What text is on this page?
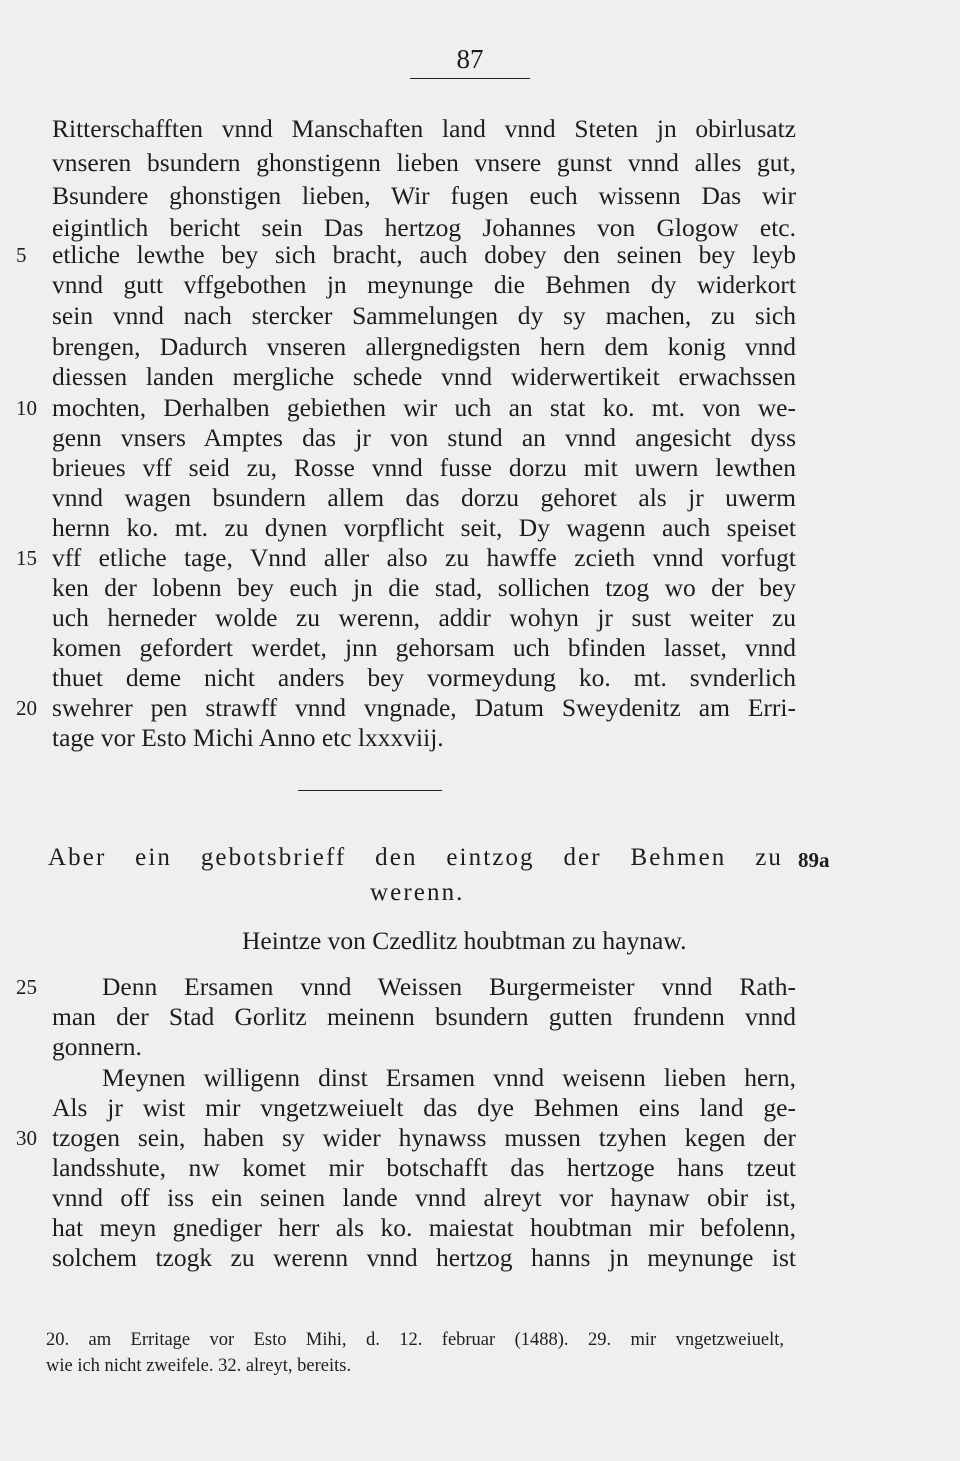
87
Ritterschafften vnnd Manschaften land vnnd Steten jn obirlusatz
vnseren bsundern ghonstigenn lieben vnsere gunst vnnd alles gut,
Bsundere ghonstigen lieben, Wir fugen euch wissenn Das wir
eigintlich bericht sein Das hertzog Johannes von Glogow etc.
etliche lewthe bey sich bracht, auch dobey den seinen bey leyb
vnnd gutt vffgebothen jn meynunge die Behmen dy widerkort
sein vnnd nach stercker Sammelungen dy sy machen, zu sich
brengen, Dadurch vnseren allergnedigsten hern dem konig vnnd
diessen landen mergliche schede vnnd widerwertikeit erwachssen
mochten, Derhalben gebiethen wir uch an stat ko. mt. von we-
genn vnsers Amptes das jr von stund an vnnd angesicht dyss
brieues vff seid zu, Rosse vnnd fusse dorzu mit uwern lewthen
vnnd wagen bsundern allem das dorzu gehoret als jr uwerm
hernn ko. mt. zu dynen vorpflicht seit, Dy wagenn auch speiset
vff etliche tage, Vnnd aller also zu hawffe zcieth vnnd vorfugt
ken der lobenn bey euch jn die stad, sollichen tzog wo der bey
uch herneder wolde zu werenn, addir wohyn jr sust weiter zu
komen gefordert werdet, jnn gehorsam uch bfinden lasset, vnnd
thuet deme nicht anders bey vormeydung ko. mt. svnderlich
swehrer pen strawff vnnd vngnade, Datum Sweydenitz am Erri-
tage vor Esto Michi Anno etc lxxxviij.
5
10
15
20
Aber ein gebotsbrieff den eintzog der Behmen zu 89a
werenn.
Heintze von Czedlitz houbtman zu haynaw.
Denn Ersamen vnnd Weissen Burgermeister vnnd Rath-
man der Stad Gorlitz meinenn bsundern gutten frundenn vnnd
gonnern.
Meynen willigenn dinst Ersamen vnnd weisenn lieben hern,
Als jr wist mir vngetzweiuelt das dye Behmen eins land ge-
tzogen sein, haben sy wider hynawss mussen tzyhen kegen der
landsshute, nw komet mir botschafft das hertzoge hans tzeut
vnnd off iss ein seinen lande vnnd alreyt vor haynaw obir ist,
hat meyn gnediger herr als ko. maiestat houbtman mir befolenn,
solchem tzogk zu werenn vnnd hertzog hanns jn meynunge ist
25
30
20. am Erritage vor Esto Mihi, d. 12. februar (1488). 29. mir vngetzweiuelt,
wie ich nicht zweifele. 32. alreyt, bereits.
